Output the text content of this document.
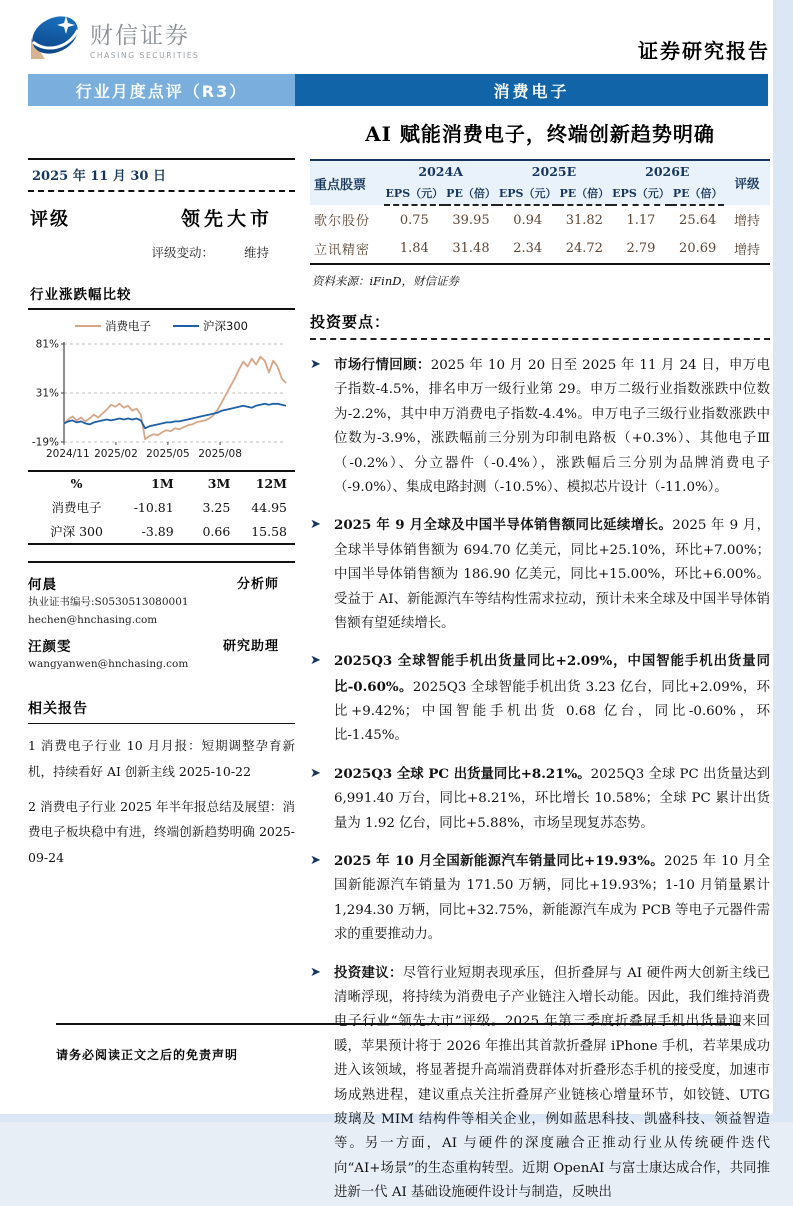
财信证券
CHASING SECURITIES	证券研究报告
行业月度点评（R3）	消费电子
2025 年 11 月 30 日
评级	领先大市
评级变动： 维持
行业涨跌幅比较
消费电子	沪深300
81%
31%
-19%
2024/11 2025/02 2025/05 2025/08
%	1M	3M	12M
消费电子	-10.81	3.25	44.95
沪深 300	-3.89	0.66	15.58
何晨	分析师
执业证书编号:S0530513080001
hechen@hnchasing.com
汪颜雯	研究助理
wangyanwen@hnchasing.com
相关报告
1 消费电子行业 10 月月报：短期调整孕育新机，持续看好 AI 创新主线 2025-10-22
2 消费电子行业 2025 年半年报总结及展望：消费电子板块稳中有进，终端创新趋势明确 2025-09-24
AI 赋能消费电子，终端创新趋势明确
重点股票	2024A		2025E		2026E		评级
	EPS（元）	PE（倍）	EPS（元）	PE（倍）	EPS（元）	PE（倍）	
歌尔股份	0.75	39.95	0.94	31.82	1.17	25.64	增持
立讯精密	1.84	31.48	2.34	24.72	2.79	20.69	增持
资料来源：iFinD，财信证券
投资要点：
➤ 市场行情回顾：2025 年 10 月 20 日至 2025 年 11 月 24 日，申万电子指数-4.5%，排名申万一级行业第 29。申万二级行业指数涨跌中位数为-2.2%，其中申万消费电子指数-4.4%。申万电子三级行业指数涨跌中位数为-3.9%，涨跌幅前三分别为印制电路板（+0.3%）、其他电子Ⅲ（-0.2%）、分立器件（-0.4%），涨跌幅后三分别为品牌消费电子（-9.0%）、集成电路封测（-10.5%）、模拟芯片设计（-11.0%）。
➤ 2025 年 9 月全球及中国半导体销售额同比延续增长。2025 年 9 月，全球半导体销售额为 694.70 亿美元，同比+25.10%，环比+7.00%；中国半导体销售额为 186.90 亿美元，同比+15.00%，环比+6.00%。受益于 AI、新能源汽车等结构性需求拉动，预计未来全球及中国半导体销售额有望延续增长。
➤ 2025Q3 全球智能手机出货量同比+2.09%，中国智能手机出货量同比-0.60%。2025Q3 全球智能手机出货 3.23 亿台，同比+2.09%，环比+9.42%；中国智能手机出货 0.68 亿台，同比-0.60%，环比-1.45%。
➤ 2025Q3 全球 PC 出货量同比+8.21%。2025Q3 全球 PC 出货量达到 6,991.40 万台，同比+8.21%，环比增长 10.58%；全球 PC 累计出货量为 1.92 亿台，同比+5.88%，市场呈现复苏态势。
➤ 2025 年 10 月全国新能源汽车销量同比+19.93%。2025 年 10 月全国新能源汽车销量为 171.50 万辆，同比+19.93%；1-10 月销量累计 1,294.30 万辆，同比+32.75%，新能源汽车成为 PCB 等电子元器件需求的重要推动力。
➤ 投资建议：尽管行业短期表现承压，但折叠屏与 AI 硬件两大创新主线已清晰浮现，将持续为消费电子产业链注入增长动能。因此，我们维持消费电子行业“领先大市”评级。2025 年第三季度折叠屏手机出货量迎来回暖，苹果预计将于 2026 年推出其首款折叠屏 iPhone 手机，若苹果成功进入该领域，将显著提升高端消费群体对折叠形态手机的接受度，加速市场成熟进程，建议重点关注折叠屏产业链核心增量环节，如铰链、UTG 玻璃及 MIM 结构件等相关企业，例如蓝思科技、凯盛科技、领益智造等。另一方面，AI 与硬件的深度融合正推动行业从传统硬件迭代向“AI+场景”的生态重构转型。近期 OpenAI 与富士康达成合作，共同推进新一代 AI 基础设施硬件设计与制造，反映出
请务必阅读正文之后的免责声明
